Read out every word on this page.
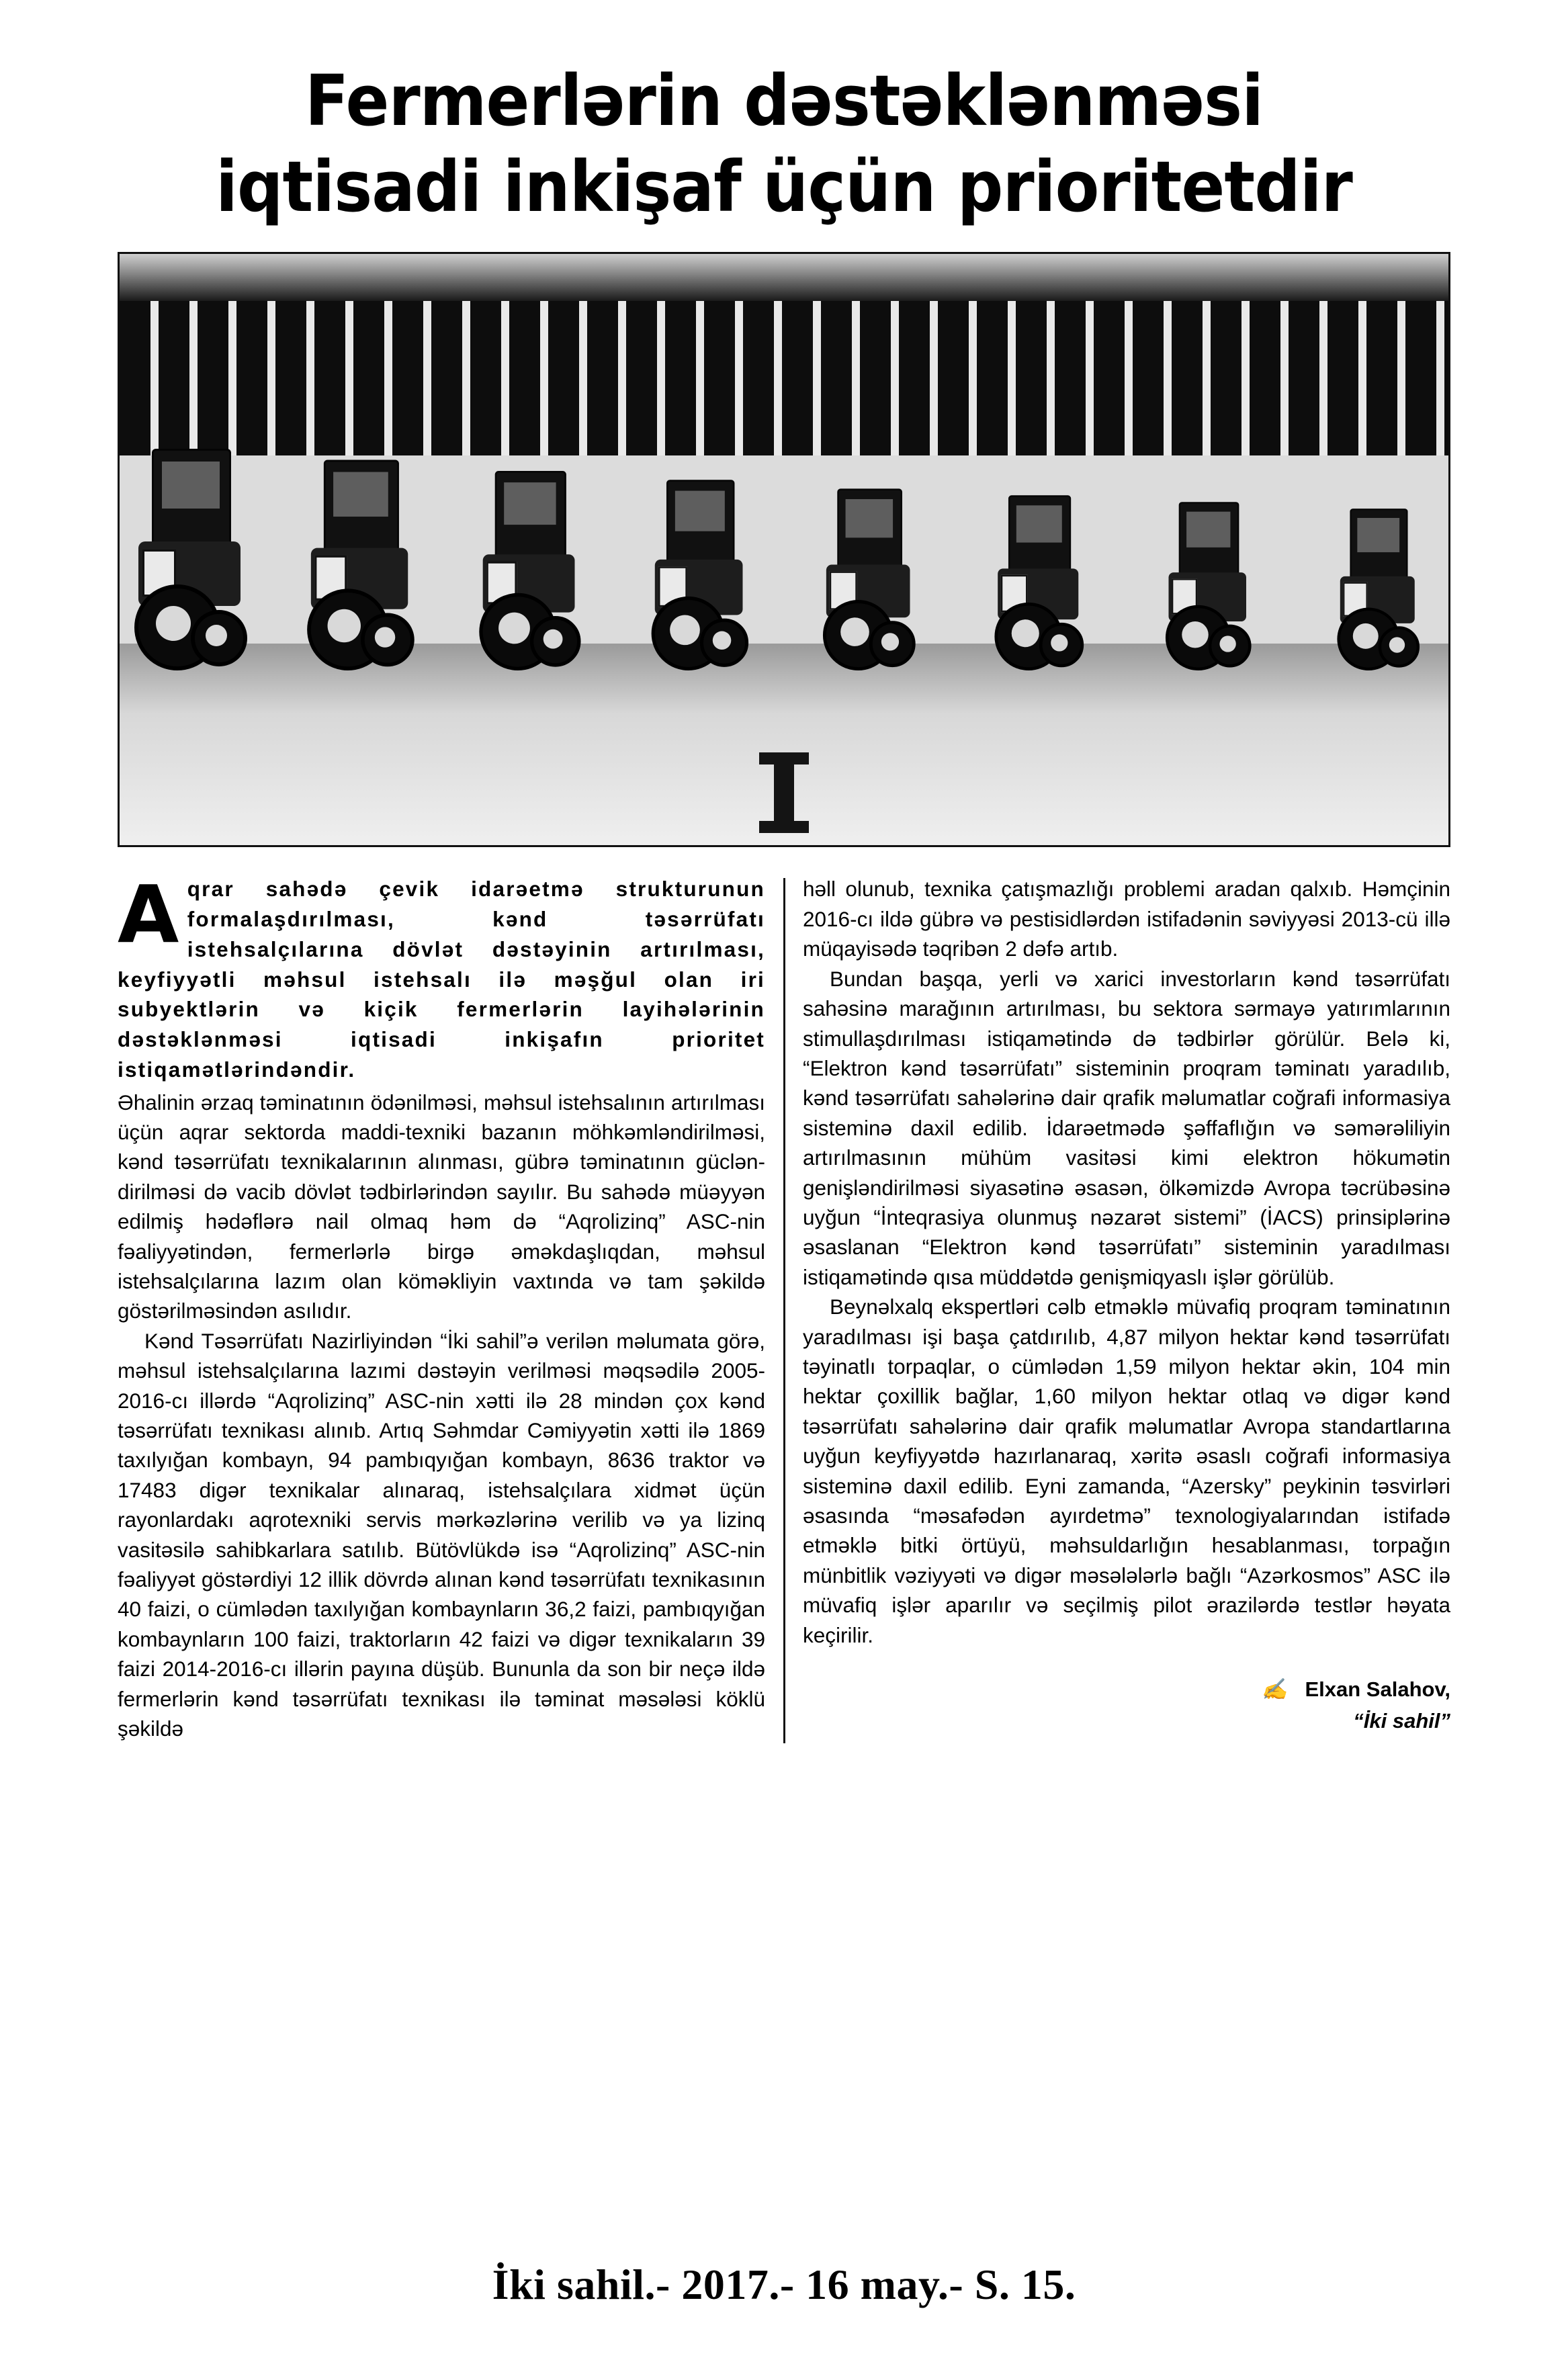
Fermerlərin dəstəklənməsi
iqtisadi inkişaf üçün prioritetdir

Aqrar sahədə çevik idarəetmə strukturunun formalaşdırılması, kənd təsərrüfatı istehsalçılarına dövlət dəstəyinin artırılması, keyfiyyətli məhsul istehsalı ilə məşğul olan iri subyektlərin və kiçik fermerlərin layihələrinin dəstəklənməsi iqtisadi inkişafın prioritet istiqamətlərindəndir.

Əhalinin ərzaq təminatının ödənilməsi, məhsul istehsalının artırılması üçün aqrar sektorda maddi-texniki bazanın möhkəmləndirilməsi, kənd təsərrüfatı texnikalarının alınması, gübrə təminatının gücləndirilməsi də vacib dövlət tədbirlərindən sayılır. Bu sahədə müəyyən edilmiş hədəflərə nail olmaq həm də “Aqrolizinq” ASC-nin fəaliyyətindən, fermerlərlə birgə əməkdaşlıqdan, məhsul istehsalçılarına lazım olan köməkliyin vaxtında və tam şəkildə göstərilməsindən asılıdır.

Kənd Təsərrüfatı Nazirliyindən “İki sahil”ə verilən məlumata görə, məhsul istehsalçılarına lazımi dəstəyin verilməsi məqsədilə 2005-2016-cı illərdə “Aqrolizinq” ASC-nin xətti ilə 28 mindən çox kənd təsərrüfatı texnikası alınıb. Artıq Səhmdar Cəmiyyətin xətti ilə 1869 taxılyığan kombayn, 94 pambıqyığan kombayn, 8636 traktor və 17483 digər texnikalar alınaraq, istehsalçılara xidmət üçün rayonlardakı aqrotexniki servis mərkəzlərinə verilib və ya lizinq vasitəsilə sahibkarlara satılıb. Bütövlükdə isə “Aqrolizinq” ASC-nin fəaliyyət göstərdiyi 12 illik dövrdə alınan kənd təsərrüfatı texnikasının 40 faizi, o cümlədən taxılyığan kombaynların 36,2 faizi, pambıqyığan kombaynların 100 faizi, traktorların 42 faizi və digər texnikaların 39 faizi 2014-2016-cı illərin payına düşüb. Bununla da son bir neçə ildə fermerlərin kənd təsərrüfatı texnikası ilə təminat məsələsi köklü şəkildə

həll olunub, texnika çatışmazlığı problemi aradan qalxıb. Həmçinin 2016-cı ildə gübrə və pestisidlərdən istifadənin səviyyəsi 2013-cü illə müqayisədə təqribən 2 dəfə artıb.

Bundan başqa, yerli və xarici investorların kənd təsərrüfatı sahəsinə marağının artırılması, bu sektora sərmayə yatırımlarının stimullaşdırılması istiqamətində də tədbirlər görülür. Belə ki, “Elektron kənd təsərrüfatı” sisteminin proqram təminatı yaradılıb, kənd təsərrüfatı sahələrinə dair qrafik məlumatlar coğrafi informasiya sisteminə daxil edilib. İdarəetmədə şəffaflığın və səmərəliliyin artırılmasının mühüm vasitəsi kimi elektron hökumətin genişləndirilməsi siyasətinə əsasən, ölkəmizdə Avropa təcrübəsinə uyğun “İnteqrasiya olunmuş nəzarət sistemi” (İACS) prinsiplərinə əsaslanan “Elektron kənd təsərrüfatı” sisteminin yaradılması istiqamətində qısa müddətdə genişmiqyaslı işlər görülüb.

Beynəlxalq ekspertləri cəlb etməklə müvafiq proqram təminatının yaradılması işi başa çatdırılıb, 4,87 milyon hektar kənd təsərrüfatı təyinatlı torpaqlar, o cümlədən 1,59 milyon hektar əkin, 104 min hektar çoxillik bağlar, 1,60 milyon hektar otlaq və digər kənd təsərrüfatı sahələrinə dair qrafik məlumatlar Avropa standartlarına uyğun keyfiyyətdə hazırlanaraq, xəritə əsaslı coğrafi informasiya sisteminə daxil edilib. Eyni zamanda, “Azersky” peykinin təsvirləri əsasında “məsafədən ayırdetmə” texnologiyalarından istifadə etməklə bitki örtüyü, məhsuldarlığın hesablanması, torpağın münbitlik vəziyyəti və digər məsələlərlə bağlı “Azərkosmos” ASC ilə müvafiq işlər aparılır və seçilmiş pilot ərazilərdə testlər həyata keçirilir.

✍ Elxan Salahov,
“İki sahil”
İki sahil.- 2017.- 16 may.- S. 15.
